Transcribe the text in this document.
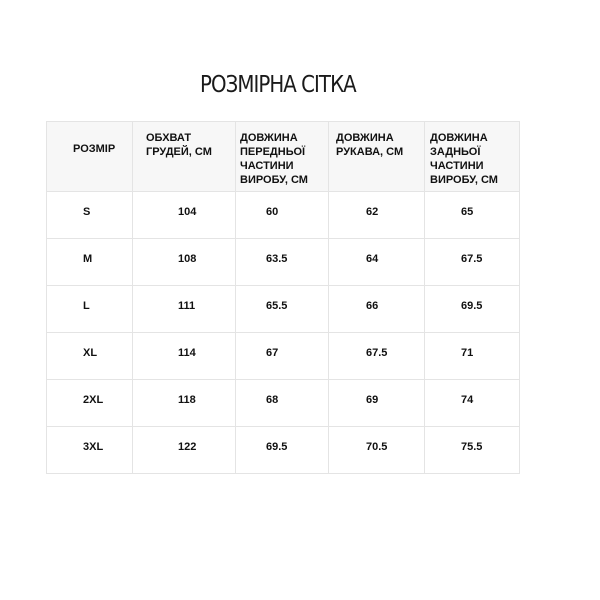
РОЗМІРНА СІТКА
РОЗМІР	ОБХВАТ ГРУДЕЙ, СМ	ДОВЖИНА ПЕРЕДНЬОЇ ЧАСТИНИ ВИРОБУ, СМ	ДОВЖИНА РУКАВА, СМ	ДОВЖИНА ЗАДНЬОЇ ЧАСТИНИ ВИРОБУ, СМ
S	104	60	62	65
M	108	63.5	64	67.5
L	111	65.5	66	69.5
XL	114	67	67.5	71
2XL	118	68	69	74
3XL	122	69.5	70.5	75.5
